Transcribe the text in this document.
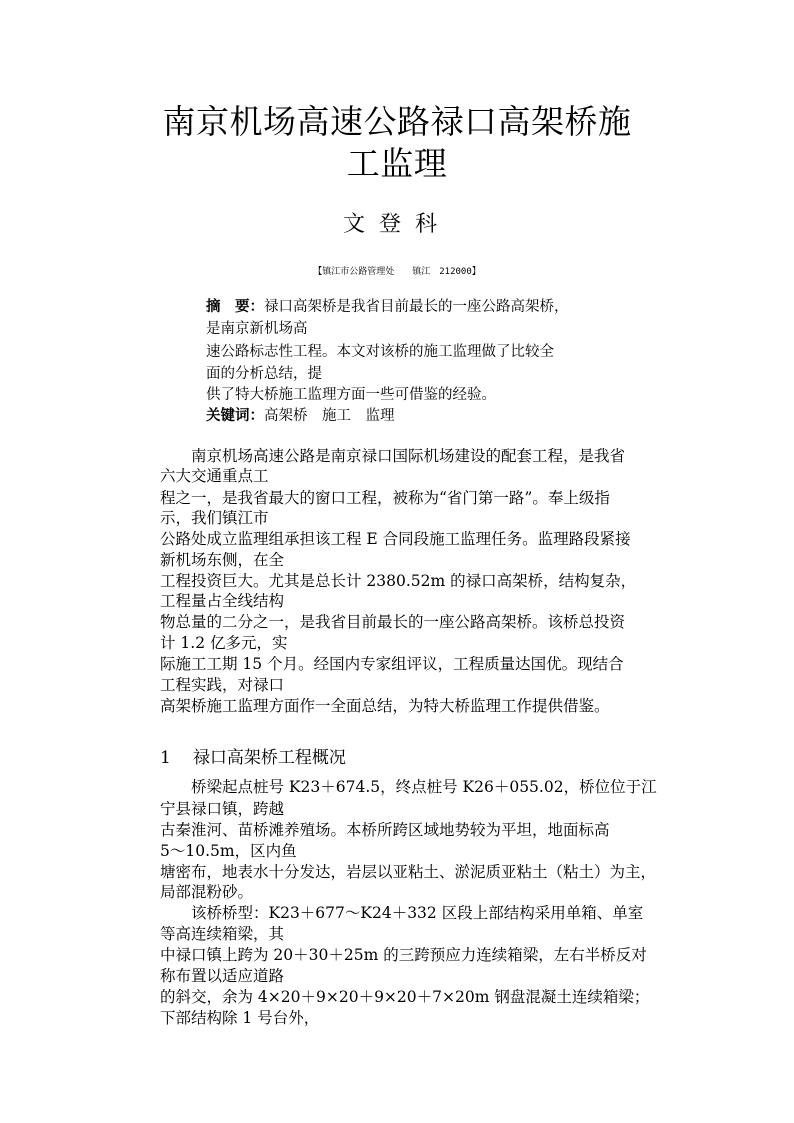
南京机场高速公路禄口高架桥施
工监理
文登科
【镇江市公路管理处　　镇江　212000】
摘　要：禄口高架桥是我省目前最长的一座公路高架桥，
是南京新机场高
速公路标志性工程。本文对该桥的施工监理做了比较全
面的分析总结，提
供了特大桥施工监理方面一些可借鉴的经验。
关键词：高架桥　施工　监理
　　南京机场高速公路是南京禄口国际机场建设的配套工程，是我省
六大交通重点工
程之一，是我省最大的窗口工程，被称为“省门第一路”。奉上级指
示，我们镇江市
公路处成立监理组承担该工程 E 合同段施工监理任务。监理路段紧接
新机场东侧，在全
工程投资巨大。尤其是总长计 2380.52m 的禄口高架桥，结构复杂，
工程量占全线结构
物总量的二分之一，是我省目前最长的一座公路高架桥。该桥总投资
计 1.2 亿多元，实
际施工工期 15 个月。经国内专家组评议，工程质量达国优。现结合
工程实践，对禄口
高架桥施工监理方面作一全面总结，为特大桥监理工作提供借鉴。
1 禄口高架桥工程概况
　　桥梁起点桩号 K23＋674.5，终点桩号 K26＋055.02，桥位位于江
宁县禄口镇，跨越
古秦淮河、苗桥滩养殖场。本桥所跨区域地势较为平坦，地面标高
5～10.5m，区内鱼
塘密布，地表水十分发达，岩层以亚粘土、淤泥质亚粘土（粘土）为主，
局部混粉砂。
　　该桥桥型：K23＋677～K24＋332 区段上部结构采用单箱、单室
等高连续箱梁，其
中禄口镇上跨为 20＋30＋25m 的三跨预应力连续箱梁，左右半桥反对
称布置以适应道路
的斜交，余为 4×20＋9×20＋9×20＋7×20m 钢盘混凝土连续箱梁；
下部结构除 1 号台外，
